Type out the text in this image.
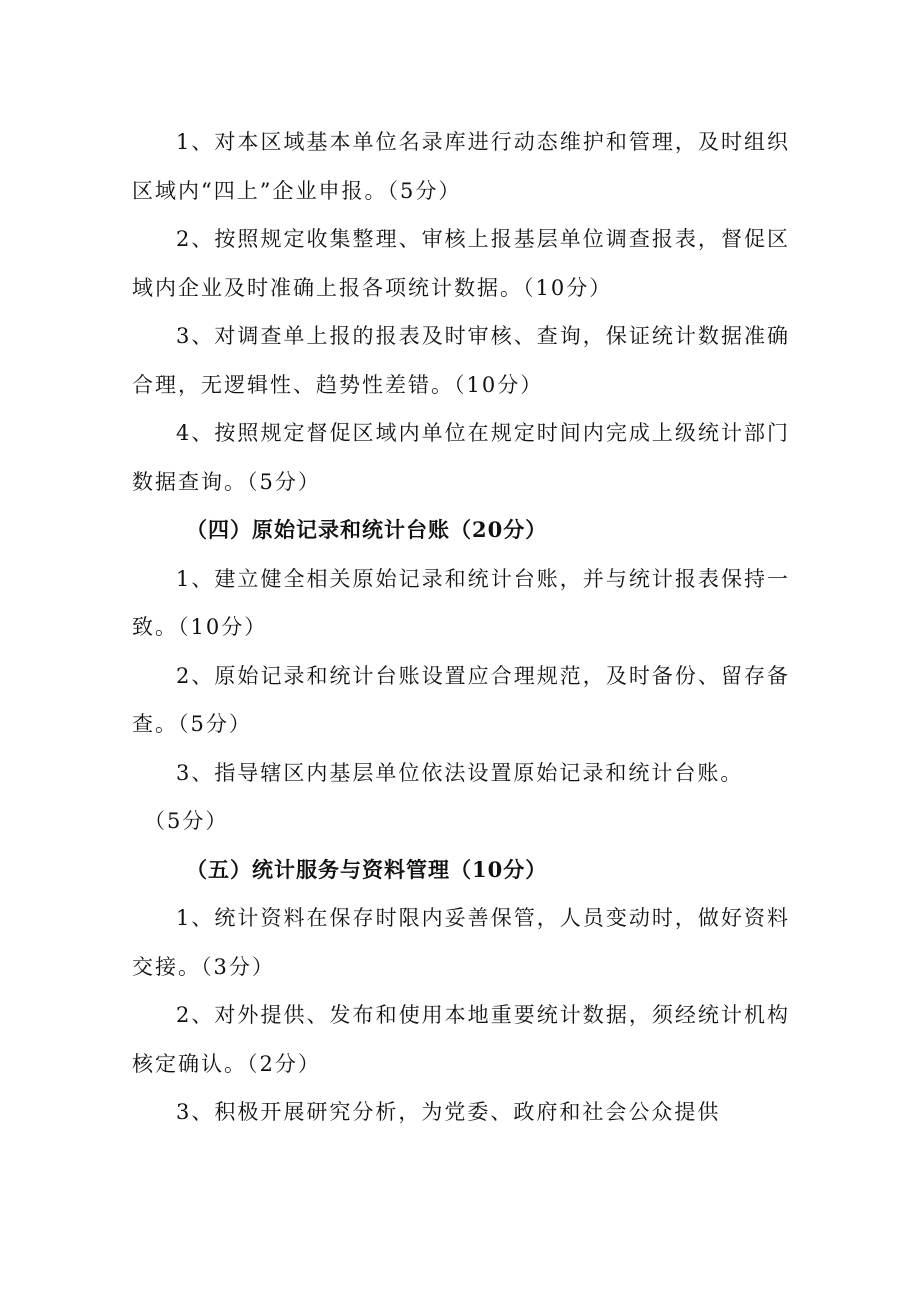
1、对本区域基本单位名录库进行动态维护和管理，及时组织区域内“四上”企业申报。（5分）

2、按照规定收集整理、审核上报基层单位调查报表，督促区域内企业及时准确上报各项统计数据。（10分）

3、对调查单上报的报表及时审核、查询，保证统计数据准确合理，无逻辑性、趋势性差错。（10分）

4、按照规定督促区域内单位在规定时间内完成上级统计部门数据查询。（5分）

（四）原始记录和统计台账（20分）

1、建立健全相关原始记录和统计台账，并与统计报表保持一致。（10分）

2、原始记录和统计台账设置应合理规范，及时备份、留存备查。（5分）

3、指导辖区内基层单位依法设置原始记录和统计台账。

（5分）

（五）统计服务与资料管理（10分）

1、统计资料在保存时限内妥善保管，人员变动时，做好资料交接。（3分）

2、对外提供、发布和使用本地重要统计数据，须经统计机构核定确认。（2分）

3、积极开展研究分析，为党委、政府和社会公众提供
